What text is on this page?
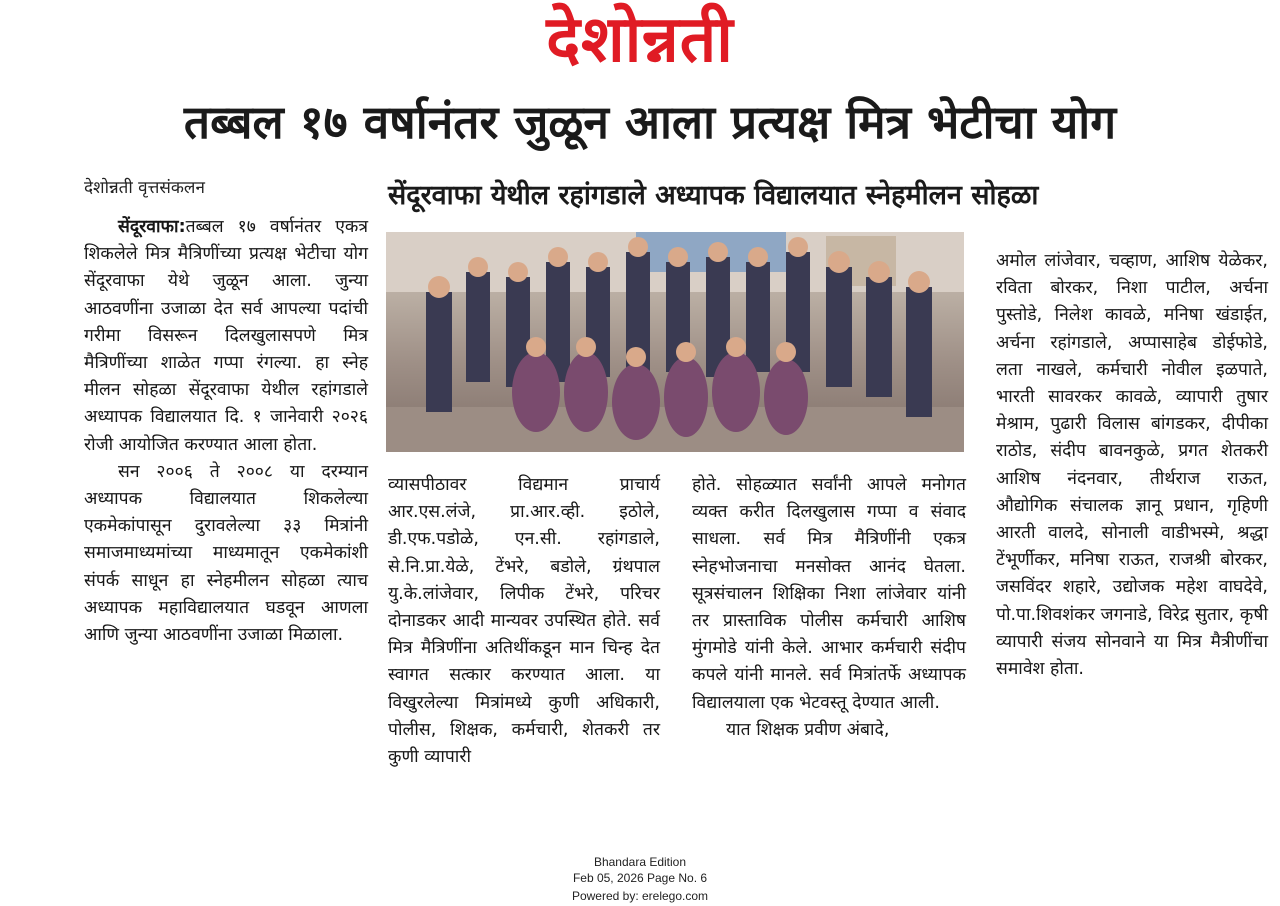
देशोन्नती
तब्बल १७ वर्षानंतर जुळून आला प्रत्यक्ष मित्र भेटीचा योग
देशोन्नती वृत्तसंकलन	सेंदूरवाफा येथील रहांगडाले अध्यापक विद्यालयात स्नेहमीलन सोहळा

सेंदूरवाफा:तब्बल १७ वर्षानंतर एकत्र शिकलेले मित्र मैत्रिणींच्या प्रत्यक्ष भेटीचा योग सेंदूरवाफा येथे जुळून आला. जुन्या आठवणींना उजाळा देत सर्व आपल्या पदांची गरीमा विसरून दिलखुलासपणे मित्र मैत्रिणींच्या शाळेत गप्पा रंगल्या. हा स्नेह मीलन सोहळा सेंदूरवाफा येथील रहांगडाले अध्यापक विद्यालयात दि. १ जानेवारी २०२६ रोजी आयोजित करण्यात आला होता.

सन २००६ ते २००८ या दरम्यान अध्यापक विद्यालयात शिकलेल्या एकमेकांपासून दुरावलेल्या ३३ मित्रांनी समाजमाध्यमांच्या माध्यमातून एकमेकांशी संपर्क साधून हा स्नेहमीलन सोहळा त्याच अध्यापक महाविद्यालयात घडवून आणला आणि जुन्या आठवणींना उजाळा मिळाला.

व्यासपीठावर विद्यमान प्राचार्य आर.एस.लंजे, प्रा.आर.व्ही. इठोले, डी.एफ.पडोळे, एन.सी. रहांगडाले, से.नि.प्रा.येळे, टेंभरे, बडोले, ग्रंथपाल यु.के.लांजेवार, लिपीक टेंभरे, परिचर दोनाडकर आदी मान्यवर उपस्थित होते. सर्व मित्र मैत्रिणींना अतिथींकडून मान चिन्ह देत स्वागत सत्कार करण्यात आला. या विखुरलेल्या मित्रांमध्ये कुणी अधिकारी, पोलीस, शिक्षक, कर्मचारी, शेतकरी तर कुणी व्यापारी

होते. सोहळ्यात सर्वांनी आपले मनोगत व्यक्त करीत दिलखुलास गप्पा व संवाद साधला. सर्व मित्र मैत्रिणींनी एकत्र स्नेहभोजनाचा मनसोक्त आनंद घेतला. सूत्रसंचालन शिक्षिका निशा लांजेवार यांनी तर प्रास्ताविक पोलीस कर्मचारी आशिष मुंगमोडे यांनी केले. आभार कर्मचारी संदीप कपले यांनी मानले. सर्व मित्रांतर्फे अध्यापक विद्यालयाला एक भेटवस्तू देण्यात आली.

यात शिक्षक प्रवीण अंबादे,

अमोल लांजेवार, चव्हाण, आशिष येळेकर, रविता बोरकर, निशा पाटील, अर्चना पुस्तोडे, निलेश कावळे, मनिषा खंडाईत, अर्चना रहांगडाले, अप्पासाहेब डोईफोडे, लता नाखले, कर्मचारी नोवील इळपाते, भारती सावरकर कावळे, व्यापारी तुषार मेश्राम, पुढारी विलास बांगडकर, दीपीका राठोड, संदीप बावनकुळे, प्रगत शेतकरी आशिष नंदनवार, तीर्थराज राऊत, औद्योगिक संचालक ज्ञानू प्रधान, गृहिणी आरती वालदे, सोनाली वाडीभस्मे, श्रद्धा टेंभूर्णीकर, मनिषा राऊत, राजश्री बोरकर, जसविंदर शहारे, उद्योजक महेश वाघदेवे, पो.पा.शिवशंकर जगनाडे, विरेद्र सुतार, कृषी व्यापारी संजय सोनवाने या मित्र मैत्रीणींचा समावेश होता.

Bhandara Edition
Feb 05, 2026 Page No. 6
Powered by: erelego.com
